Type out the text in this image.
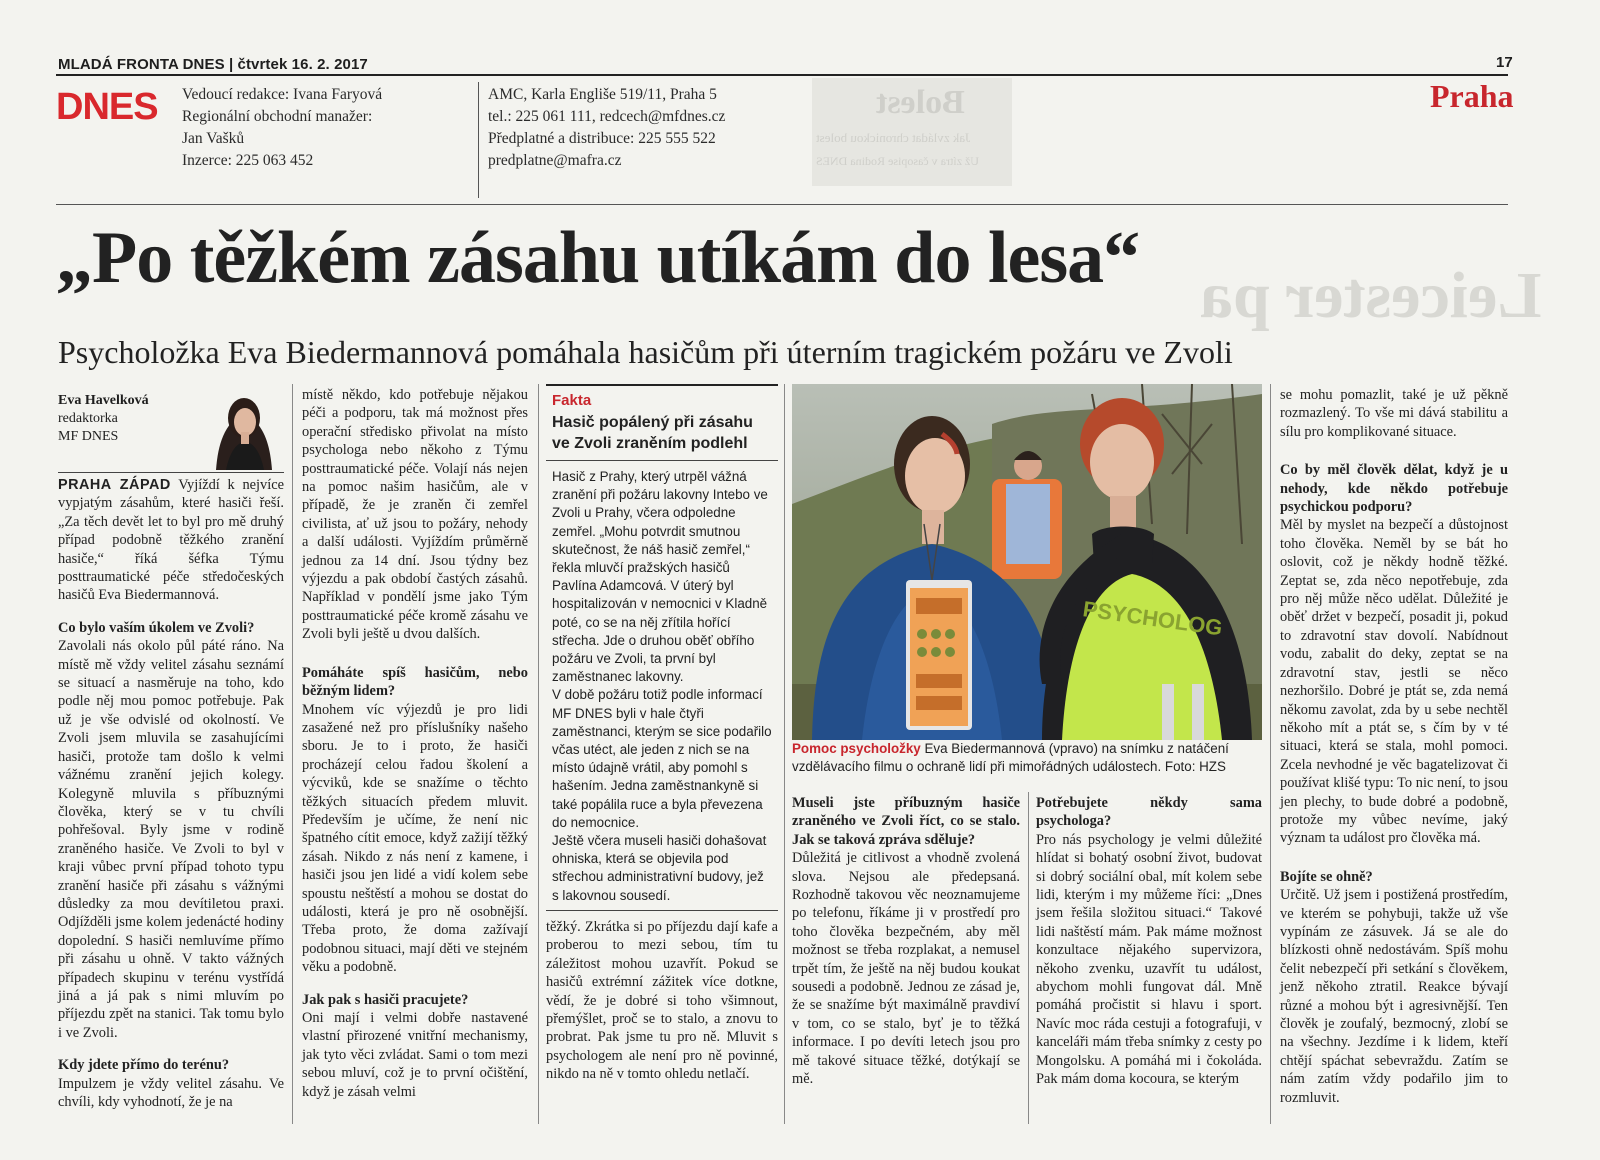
MLADÁ FRONTA DNES | čtvrtek 16. 2. 2017	17
DNES Vedoucí redakce: Ivana Faryová
Regionální obchodní manažer:
Jan Vašků
Inzerce: 225 063 452
AMC, Karla Engliše 519/11, Praha 5
tel.: 225 061 111, redcech@mfdnes.cz
Předplatné a distribuce: 225 555 522
predplatne@mafra.cz
Bolest
Jak zvládat chronickou bolest
Už zítra v časopise Rodina DNES
Praha
Leicester pa
„Po těžkém zásahu utíkám do lesa“
Psycholožka Eva Biedermannová pomáhala hasičům při úterním tragickém požáru ve Zvoli
Eva Havelková
redaktorka
MF DNES

PRAHA ZÁPAD Vyjíždí k nejvíce vypjatým zásahům, které hasiči řeší. „Za těch devět let to byl pro mě druhý případ podobně těžkého zranění hasiče,“ říká šéfka Týmu posttraumatické péče středočeských hasičů Eva Biedermannová.

Co bylo vaším úkolem ve Zvoli?

Zavolali nás okolo půl páté ráno. Na místě mě vždy velitel zásahu seznámí se situací a nasměruje na toho, kdo podle něj mou pomoc potřebuje. Pak už je vše odvislé od okolností. Ve Zvoli jsem mluvila se zasahujícími hasiči, protože tam došlo k velmi vážnému zranění jejich kolegy. Kolegyně mluvila s příbuznými člověka, který se v tu chvíli pohřešoval. Byly jsme v rodině zraněného hasiče. Ve Zvoli to byl v kraji vůbec první případ tohoto typu zranění hasiče při zásahu s vážnými důsledky za mou devítiletou praxi. Odjížděli jsme kolem jedenácté hodiny dopolední. S hasiči nemluvíme přímo při zásahu u ohně. V takto vážných případech skupinu v terénu vystřídá jiná a já pak s nimi mluvím po příjezdu zpět na stanici. Tak tomu bylo i ve Zvoli.

Kdy jdete přímo do terénu?

Impulzem je vždy velitel zásahu. Ve chvíli, kdy vyhodnotí, že je na

místě někdo, kdo potřebuje nějakou péči a podporu, tak má možnost přes operační středisko přivolat na místo psychologa nebo někoho z Týmu posttraumatické péče. Volají nás nejen na pomoc našim hasičům, ale v případě, že je zraněn či zemřel civilista, ať už jsou to požáry, nehody a další události. Vyjíždím průměrně jednou za 14 dní. Jsou týdny bez výjezdu a pak období častých zásahů. Například v pondělí jsme jako Tým posttraumatické péče kromě zásahu ve Zvoli byli ještě u dvou dalších.

Pomáháte spíš hasičům, nebo běžným lidem?

Mnohem víc výjezdů je pro lidi zasažené než pro příslušníky našeho sboru. Je to i proto, že hasiči procházejí celou řadou školení a výcviků, kde se snažíme o těchto těžkých situacích předem mluvit. Především je učíme, že není nic špatného cítit emoce, když zažijí těžký zásah. Nikdo z nás není z kamene, i hasiči jsou jen lidé a vidí kolem sebe spoustu neštěstí a mohou se dostat do události, která je pro ně osobnější. Třeba proto, že doma zažívají podobnou situaci, mají děti ve stejném věku a podobně.

Jak pak s hasiči pracujete?

Oni mají i velmi dobře nastavené vlastní přirozené vnitřní mechanismy, jak tyto věci zvládat. Sami o tom mezi sebou mluví, což je to první očištění, když je zásah velmi

Fakta
Hasič popálený při zásahu ve Zvoli zraněním podlehl

Hasič z Prahy, který utrpěl vážná zranění při požáru lakovny Intebo ve Zvoli u Prahy, včera odpoledne zemřel. „Mohu potvrdit smutnou skutečnost, že náš hasič zemřel,“ řekla mluvčí pražských hasičů Pavlína Adamcová. V úterý byl hospitalizován v nemocnici v Kladně poté, co se na něj zřítila hořící střecha. Jde o druhou oběť obřího požáru ve Zvoli, ta první byl zaměstnanec lakovny.

V době požáru totiž podle informací MF DNES byli v hale čtyři zaměstnanci, kterým se sice podařilo včas utéct, ale jeden z nich se na místo údajně vrátil, aby pomohl s hašením. Jedna zaměstnankyně si také popálila ruce a byla převezena do nemocnice.

Ještě včera museli hasiči dohašovat ohniska, která se objevila pod střechou administrativní budovy, jež s lakovnou sousedí.

těžký. Zkrátka si po příjezdu dají kafe a proberou to mezi sebou, tím tu záležitost mohou uzavřít. Pokud se hasičů extrémní zážitek více dotkne, vědí, že je dobré si toho všimnout, přemýšlet, proč se to stalo, a znovu to probrat. Pak jsme tu pro ně. Mluvit s psychologem ale není pro ně povinné, nikdo na ně v tomto ohledu netlačí.

PSYCHOLOG
Pomoc psycholožky Eva Biedermannová (vpravo) na snímku z natáčení vzdělávacího filmu o ochraně lidí při mimořádných událostech. Foto: HZS

Museli jste příbuzným hasiče zraněného ve Zvoli říct, co se stalo. Jak se taková zpráva sděluje?

Důležitá je citlivost a vhodně zvolená slova. Nejsou ale předepsaná. Rozhodně takovou věc neoznamujeme po telefonu, říkáme ji v prostředí pro toho člověka bezpečném, aby měl možnost se třeba rozplakat, a nemusel trpět tím, že ještě na něj budou koukat sousedi a podobně. Jednou ze zásad je, že se snažíme být maximálně pravdiví v tom, co se stalo, byť je to těžká informace. I po devíti letech jsou pro mě takové situace těžké, dotýkají se mě.

Potřebujete někdy sama psychologa?

Pro nás psychology je velmi důležité hlídat si bohatý osobní život, budovat si dobrý sociální obal, mít kolem sebe lidi, kterým i my můžeme říci: „Dnes jsem řešila složitou situaci.“ Takové lidi naštěstí mám. Pak máme možnost konzultace nějakého supervizora, někoho zvenku, uzavřít tu událost, abychom mohli fungovat dál. Mně pomáhá pročistit si hlavu i sport. Navíc moc ráda cestuji a fotografuji, v kanceláři mám třeba snímky z cesty po Mongolsku. A pomáhá mi i čokoláda. Pak mám doma kocoura, se kterým

se mohu pomazlit, také je už pěkně rozmazlený. To vše mi dává stabilitu a sílu pro komplikované situace.

Co by měl člověk dělat, když je u nehody, kde někdo potřebuje psychickou podporu?

Měl by myslet na bezpečí a důstojnost toho člověka. Neměl by se bát ho oslovit, což je někdy hodně těžké. Zeptat se, zda něco nepotřebuje, zda pro něj může něco udělat. Důležité je oběť držet v bezpečí, posadit ji, pokud to zdravotní stav dovolí. Nabídnout vodu, zabalit do deky, zeptat se na zdravotní stav, jestli se něco nezhoršilo. Dobré je ptát se, zda nemá někomu zavolat, zda by u sebe nechtěl někoho mít a ptát se, s čím by v té situaci, která se stala, mohl pomoci. Zcela nevhodné je věc bagatelizovat či používat klišé typu: To nic není, to jsou jen plechy, to bude dobré a podobně, protože my vůbec nevíme, jaký význam ta událost pro člověka má.

Bojíte se ohně?

Určitě. Už jsem i postižená prostředím, ve kterém se pohybuji, takže už vše vypínám ze zásuvek. Já se ale do blízkosti ohně nedostávám. Spíš mohu čelit nebezpečí při setkání s člověkem, jenž někoho ztratil. Reakce bývají různé a mohou být i agresivnější. Ten člověk je zoufalý, bezmocný, zlobí se na všechny. Jezdíme i k lidem, kteří chtějí spáchat sebevraždu. Zatím se nám zatím vždy podařilo jim to rozmluvit.
